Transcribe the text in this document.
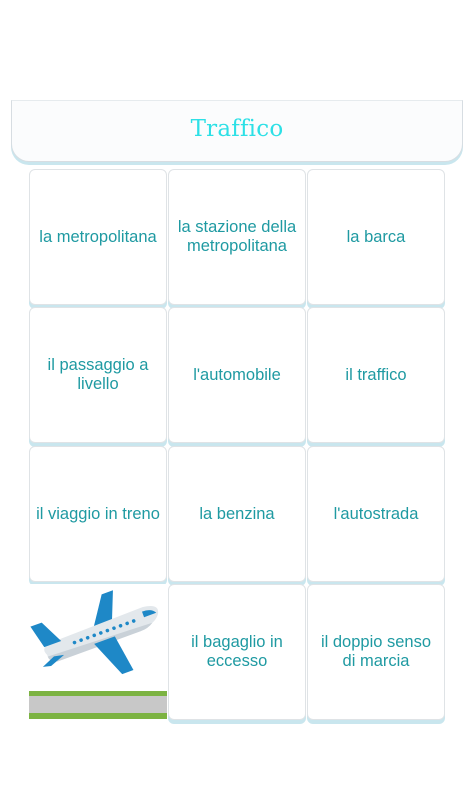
Traffico
la metropolitana
la stazione della metropolitana
la barca
il passaggio a livello
l'automobile	il traffico
il viaggio in treno	la benzina	l'autostrada
il bagaglio in eccesso
il doppio senso di marcia
